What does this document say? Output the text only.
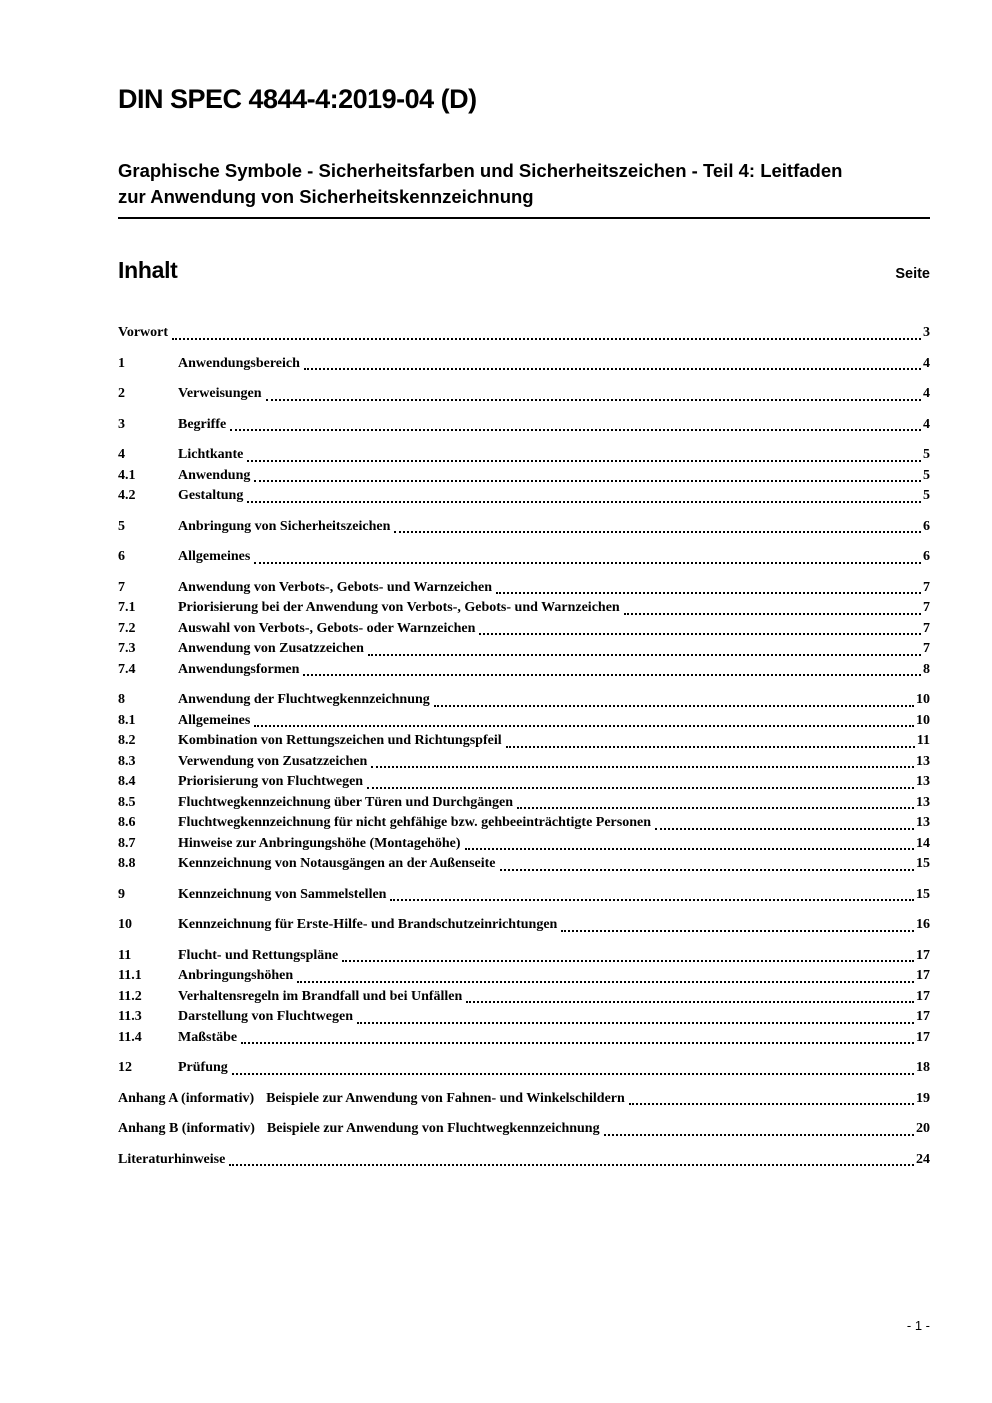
DIN SPEC 4844-4:2019-04 (D)
Graphische Symbole - Sicherheitsfarben und Sicherheitszeichen - Teil 4: Leitfaden
zur Anwendung von Sicherheitskennzeichnung
Inhalt	Seite
Vorwort	3
1	Anwendungsbereich	4
2	Verweisungen	4
3	Begriffe	4
4	Lichtkante	5
4.1	Anwendung	5
4.2	Gestaltung	5
5	Anbringung von Sicherheitszeichen	6
6	Allgemeines	6
7	Anwendung von Verbots-, Gebots- und Warnzeichen	7
7.1	Priorisierung bei der Anwendung von Verbots-, Gebots- und Warnzeichen	7
7.2	Auswahl von Verbots-, Gebots- oder Warnzeichen	7
7.3	Anwendung von Zusatzzeichen	7
7.4	Anwendungsformen	8
8	Anwendung der Fluchtwegkennzeichnung	10
8.1	Allgemeines	10
8.2	Kombination von Rettungszeichen und Richtungspfeil	11
8.3	Verwendung von Zusatzzeichen	13
8.4	Priorisierung von Fluchtwegen	13
8.5	Fluchtwegkennzeichnung über Türen und Durchgängen	13
8.6	Fluchtwegkennzeichnung für nicht gehfähige bzw. gehbeeinträchtigte Personen	13
8.7	Hinweise zur Anbringungshöhe (Montagehöhe)	14
8.8	Kennzeichnung von Notausgängen an der Außenseite	15
9	Kennzeichnung von Sammelstellen	15
10	Kennzeichnung für Erste-Hilfe- und Brandschutzeinrichtungen	16
11	Flucht- und Rettungspläne	17
11.1	Anbringungshöhen	17
11.2	Verhaltensregeln im Brandfall und bei Unfällen	17
11.3	Darstellung von Fluchtwegen	17
11.4	Maßstäbe	17
12	Prüfung	18
Anhang A (informativ) Beispiele zur Anwendung von Fahnen- und Winkelschildern	19
Anhang B (informativ) Beispiele zur Anwendung von Fluchtwegkennzeichnung	20
Literaturhinweise	24
- 1 -
